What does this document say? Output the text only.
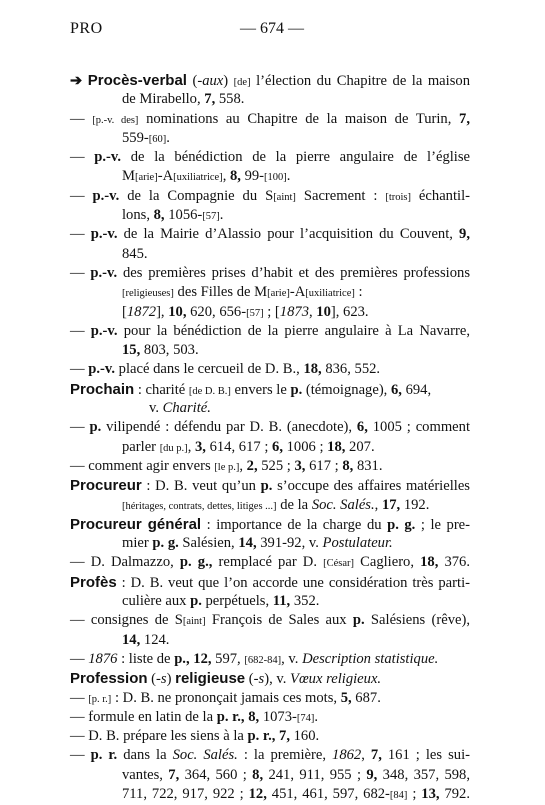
PRO	— 674 —
➔ Procès-verbal (-aux) [de] l’élection du Chapitre de la maison
de Mirabello, 7, 558.
— [p.-v. des] nominations au Chapitre de la maison de Turin, 7,
559-[60].
— p.-v. de la bénédiction de la pierre angulaire de l’église
M[arie]-A[uxiliatrice], 8, 99-[100].
— p.-v. de la Compagnie du S[aint] Sacrement : [trois] échantil-
lons, 8, 1056-[57].
— p.-v. de la Mairie d’Alassio pour l’acquisition du Couvent, 9,
845.
— p.-v. des premières prises d’habit et des premières professions
[religieuses] des Filles de M[arie]-A[uxiliatrice] :
[1872], 10, 620, 656-[57] ; [1873, 10], 623.
— p.-v. pour la bénédiction de la pierre angulaire à La Navarre,
15, 803, 503.
— p.-v. placé dans le cercueil de D. B., 18, 836, 552.
Prochain : charité [de D. B.] envers le p. (témoignage), 6, 694,
v. Charité.
— p. vilipendé : défendu par D. B. (anecdote), 6, 1005 ; comment
parler [du p.], 3, 614, 617 ; 6, 1006 ; 18, 207.
— comment agir envers [le p.], 2, 525 ; 3, 617 ; 8, 831.
Procureur : D. B. veut qu’un p. s’occupe des affaires matérielles
[héritages, contrats, dettes, litiges ...] de la Soc. Salés., 17, 192.
Procureur général : importance de la charge du p. g. ; le pre-
mier p. g. Salésien, 14, 391-92, v. Postulateur.
— D. Dalmazzo, p. g., remplacé par D. [César] Cagliero, 18, 376.
Profès : D. B. veut que l’on accorde une considération très parti-
culière aux p. perpétuels, 11, 352.
— consignes de S[aint] François de Sales aux p. Salésiens (rêve),
14, 124.
— 1876 : liste de p., 12, 597, [682-84], v. Description statistique.
Profession (-s) religieuse (-s), v. Vœux religieux.
— [p. r.] : D. B. ne prononçait jamais ces mots, 5, 687.
— formule en latin de la p. r., 8, 1073-[74].
— D. B. prépare les siens à la p. r., 7, 160.
— p. r. dans la Soc. Salés. : la première, 1862, 7, 161 ; les sui-
vantes, 7, 364, 560 ; 8, 241, 911, 955 ; 9, 348, 357, 598,
711, 722, 917, 922 ; 12, 451, 461, 597, 682-[84] ; 13, 792.
